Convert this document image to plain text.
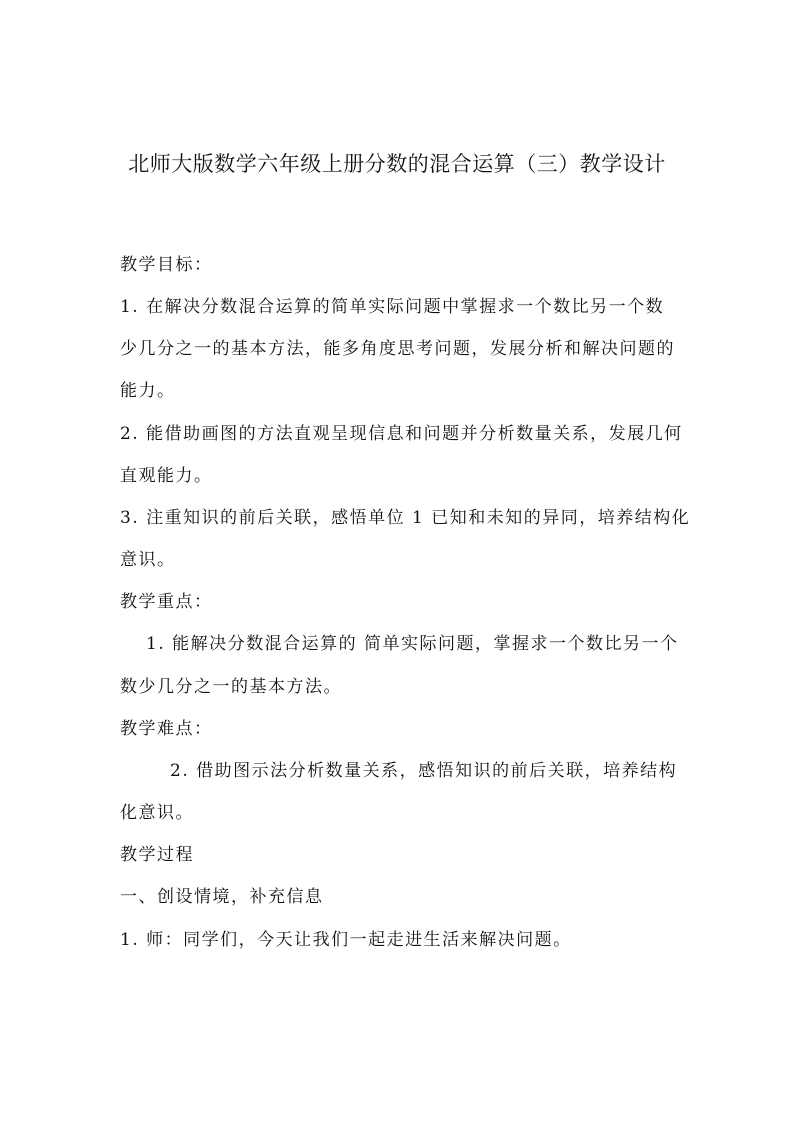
北师大版数学六年级上册分数的混合运算（三）教学设计
教学目标：
1. 在解决分数混合运算的简单实际问题中掌握求一个数比另一个数
少几分之一的基本方法，能多角度思考问题，发展分析和解决问题的
能力。
2. 能借助画图的方法直观呈现信息和问题并分析数量关系，发展几何
直观能力。
3. 注重知识的前后关联，感悟单位 1 已知和未知的异同，培养结构化
意识。
教学重点：
1. 能解决分数混合运算的 简单实际问题，掌握求一个数比另一个
数少几分之一的基本方法。
教学难点：
2. 借助图示法分析数量关系，感悟知识的前后关联，培养结构
化意识。
教学过程
一、创设情境，补充信息
1. 师：同学们，今天让我们一起走进生活来解决问题。
